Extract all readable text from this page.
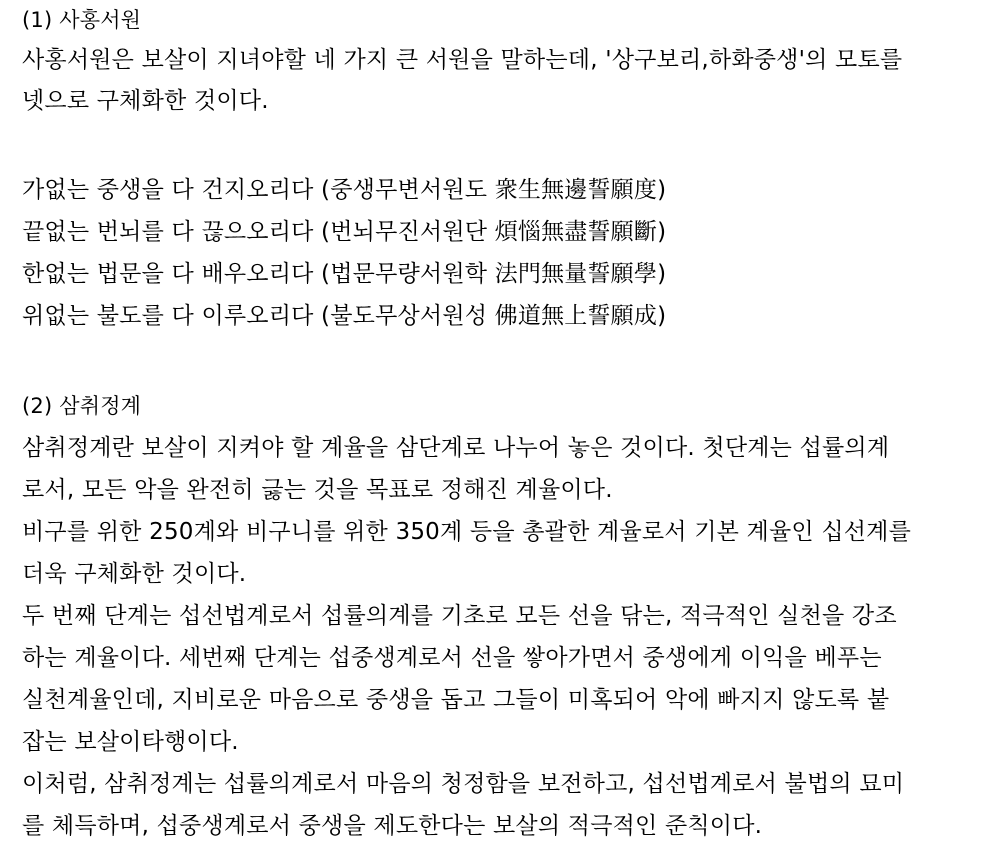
(1) 사홍서원
사홍서원은 보살이 지녀야할 네 가지 큰 서원을 말하는데, '상구보리,하화중생'의 모토를
넷으로 구체화한 것이다.
가없는 중생을 다 건지오리다 (중생무변서원도 衆生無邊誓願度)
끝없는 번뇌를 다 끊으오리다 (번뇌무진서원단 煩惱無盡誓願斷)
한없는 법문을 다 배우오리다 (법문무량서원학 法門無量誓願學)
위없는 불도를 다 이루오리다 (불도무상서원성 佛道無上誓願成)
(2) 삼취정계
삼취정계란 보살이 지켜야 할 계율을 삼단계로 나누어 놓은 것이다. 첫단계는 섭률의계
로서, 모든 악을 완전히 긇는 것을 목표로 정해진 계율이다.
비구를 위한 250계와 비구니를 위한 350계 등을 총괄한 계율로서 기본 계율인 십선계를
더욱 구체화한 것이다.
두 번째 단계는 섭선법계로서 섭률의계를 기초로 모든 선을 닦는, 적극적인 실천을 강조
하는 계율이다. 세번째 단계는 섭중생계로서 선을 쌓아가면서 중생에게 이익을 베푸는
실천계율인데, 지비로운 마음으로 중생을 돕고 그들이 미혹되어 악에 빠지지 않도록 붙
잡는 보살이타행이다.
이처럼, 삼취정계는 섭률의계로서 마음의 청정함을 보전하고, 섭선법계로서 불법의 묘미
를 체득하며, 섭중생계로서 중생을 제도한다는 보살의 적극적인 준칙이다.
